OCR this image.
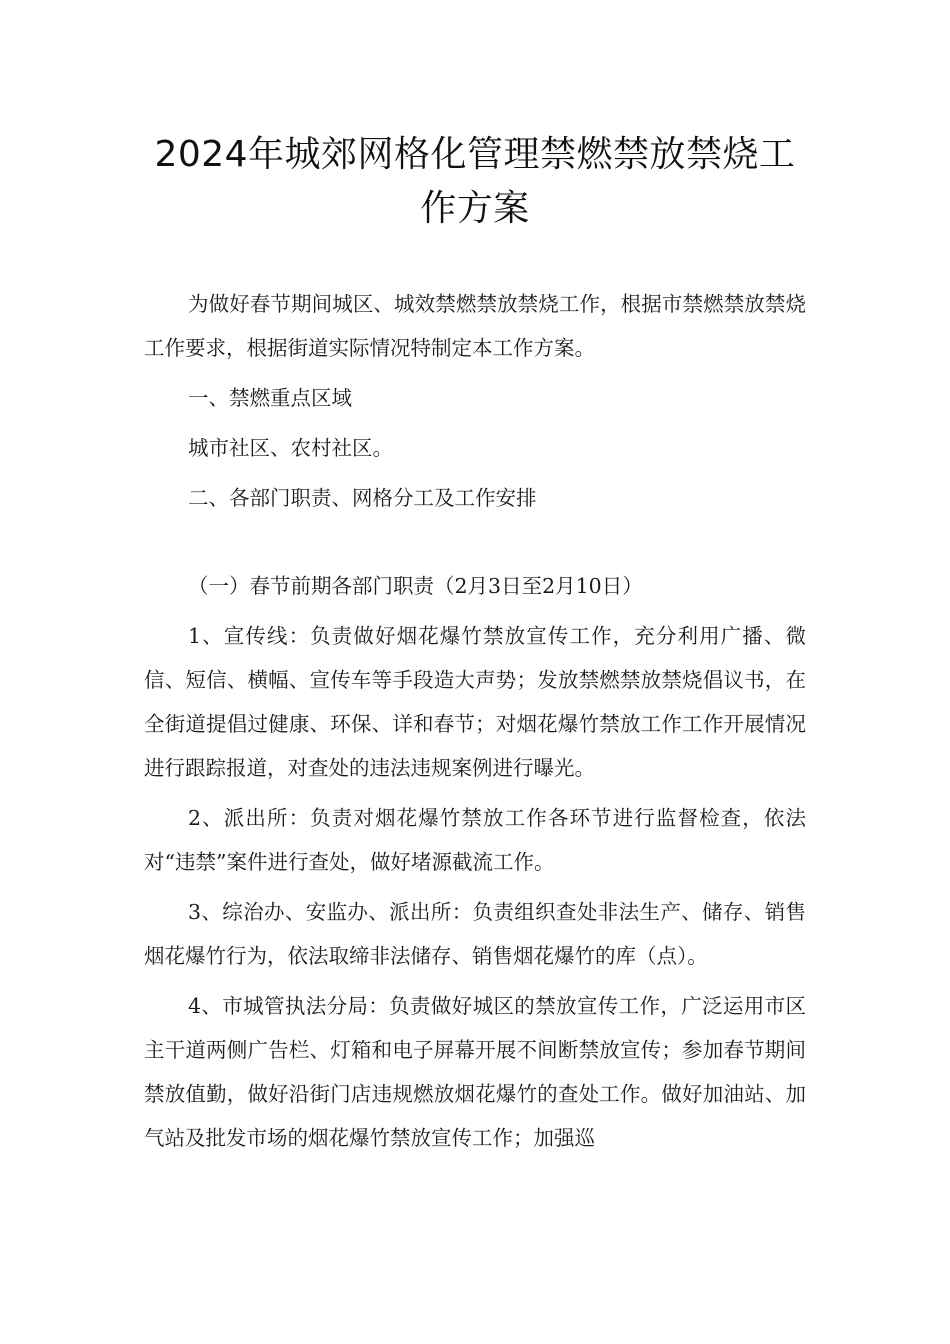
2024年城郊网格化管理禁燃禁放禁烧工
作方案

为做好春节期间城区、城效禁燃禁放禁烧工作，根据市禁燃禁放禁烧工作要求，根据街道实际情况特制定本工作方案。

一、禁燃重点区域

城市社区、农村社区。

二、各部门职责、网格分工及工作安排

（一）春节前期各部门职责（2月3日至2月10日）

1、宣传线：负责做好烟花爆竹禁放宣传工作，充分利用广播、微信、短信、横幅、宣传车等手段造大声势；发放禁燃禁放禁烧倡议书，在全街道提倡过健康、环保、详和春节；对烟花爆竹禁放工作工作开展情况进行跟踪报道，对查处的违法违规案例进行曝光。

2、派出所：负责对烟花爆竹禁放工作各环节进行监督检查，依法对“违禁”案件进行查处，做好堵源截流工作。

3、综治办、安监办、派出所：负责组织查处非法生产、储存、销售烟花爆竹行为，依法取缔非法储存、销售烟花爆竹的库（点）。

4、市城管执法分局：负责做好城区的禁放宣传工作，广泛运用市区主干道两侧广告栏、灯箱和电子屏幕开展不间断禁放宣传；参加春节期间禁放值勤，做好沿街门店违规燃放烟花爆竹的查处工作。做好加油站、加气站及批发市场的烟花爆竹禁放宣传工作；加强巡
